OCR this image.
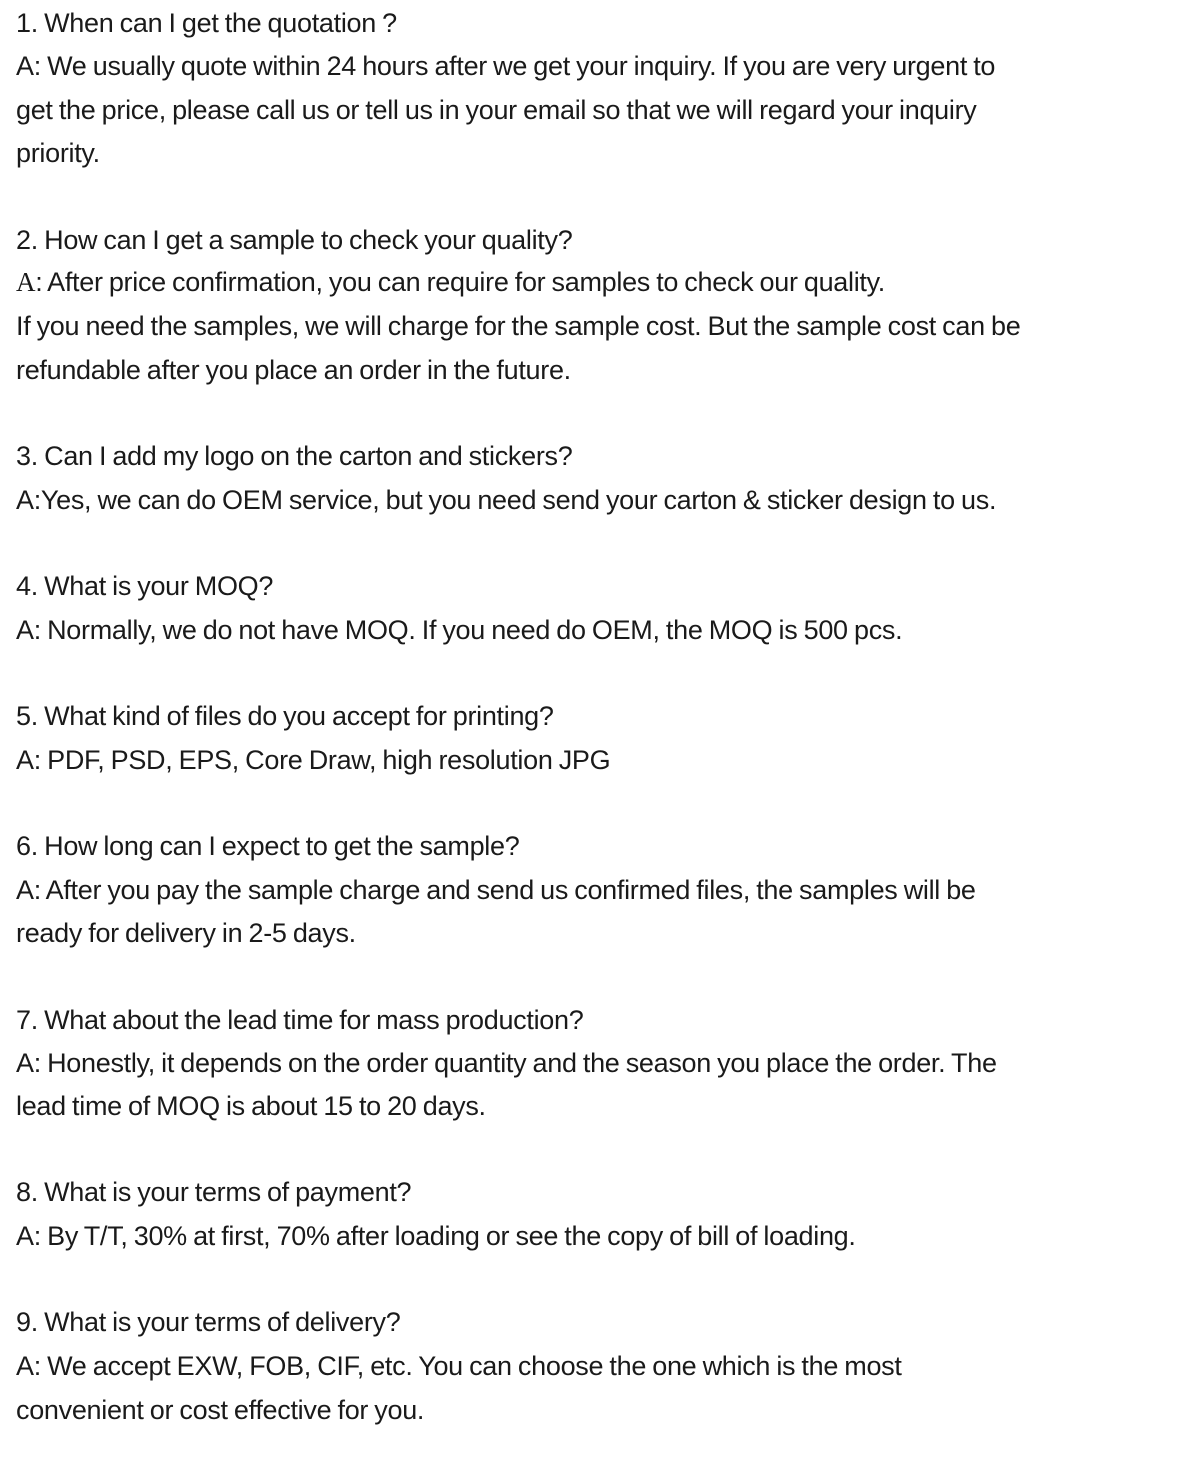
1. When can I get the quotation ?
A: We usually quote within 24 hours after we get your inquiry. If you are very urgent to
get the price, please call us or tell us in your email so that we will regard your inquiry
priority.
2. How can I get a sample to check your quality?
A: After price confirmation, you can require for samples to check our quality.
If you need the samples, we will charge for the sample cost. But the sample cost can be
refundable after you place an order in the future.
3. Can I add my logo on the carton and stickers?
A:Yes, we can do OEM service, but you need send your carton & sticker design to us.
4. What is your MOQ?
A: Normally, we do not have MOQ. If you need do OEM, the MOQ is 500 pcs.
5. What kind of files do you accept for printing?
A: PDF, PSD, EPS, Core Draw, high resolution JPG
6. How long can I expect to get the sample?
A: After you pay the sample charge and send us confirmed files, the samples will be
ready for delivery in 2-5 days.
7. What about the lead time for mass production?
A: Honestly, it depends on the order quantity and the season you place the order. The
lead time of MOQ is about 15 to 20 days.
8. What is your terms of payment?
A: By T/T, 30% at first, 70% after loading or see the copy of bill of loading.
9. What is your terms of delivery?
A: We accept EXW, FOB, CIF, etc. You can choose the one which is the most
convenient or cost effective for you.
